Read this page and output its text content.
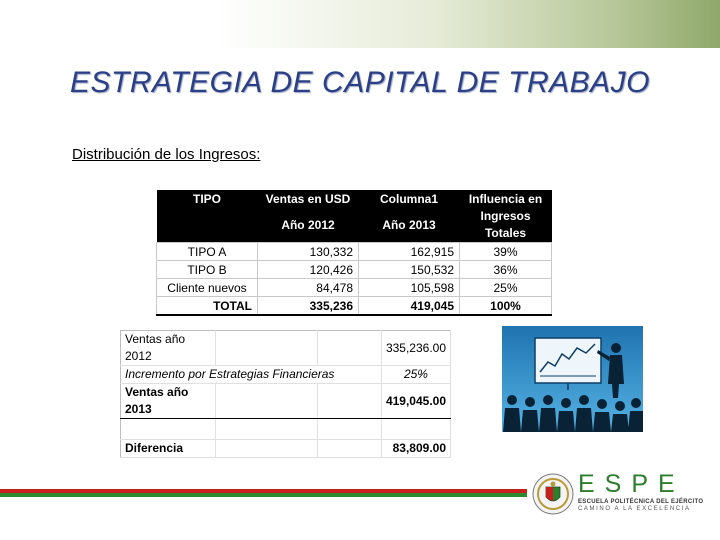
ESTRATEGIA DE CAPITAL DE TRABAJO
Distribución de los Ingresos:
TIPO	Ventas en USD	Columna1	Influencia en
	Año 2012	Año 2013	Ingresos Totales
TIPO A	130,332	162,915	39%
TIPO B	120,426	150,532	36%
Cliente nuevos	84,478	105,598	25%
TOTAL	335,236	419,045	100%
Ventas año 2012			335,236.00
Incremento por Estrategias Financieras			25%
Ventas año 2013			419,045.00

Diferencia			83,809.00
ESPE
ESCUELA POLITÉCNICA DEL EJÉRCITO
CAMINO A LA EXCELENCIA
